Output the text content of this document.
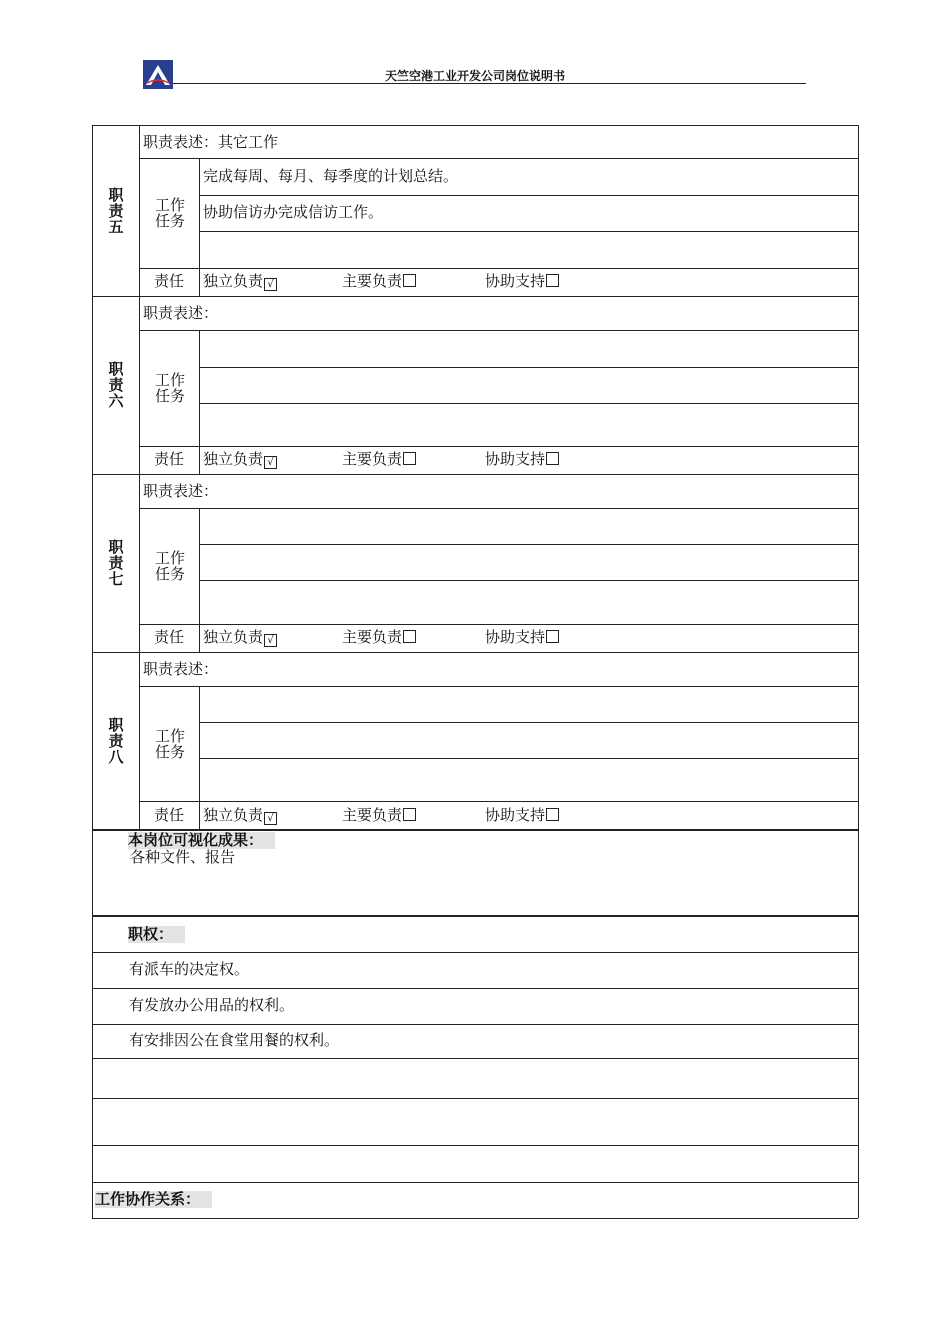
天竺空港工业开发公司岗位说明书
职责五
职责表述：其它工作
工作任务
完成每周、每月、每季度的计划总结。
协助信访办完成信访工作。
责任 独立负责 √	主要负责	协助支持
职责六
职责表述：
工作任务
责任 独立负责 √	主要负责	协助支持
职责七
职责表述：
工作任务
责任 独立负责 √	主要负责	协助支持
职责八
职责表述：
工作任务
责任 独立负责 √	主要负责	协助支持
本岗位可视化成果：
各种文件、报告
职权：
有派车的决定权。
有发放办公用品的权利。
有安排因公在食堂用餐的权利。
工作协作关系：
